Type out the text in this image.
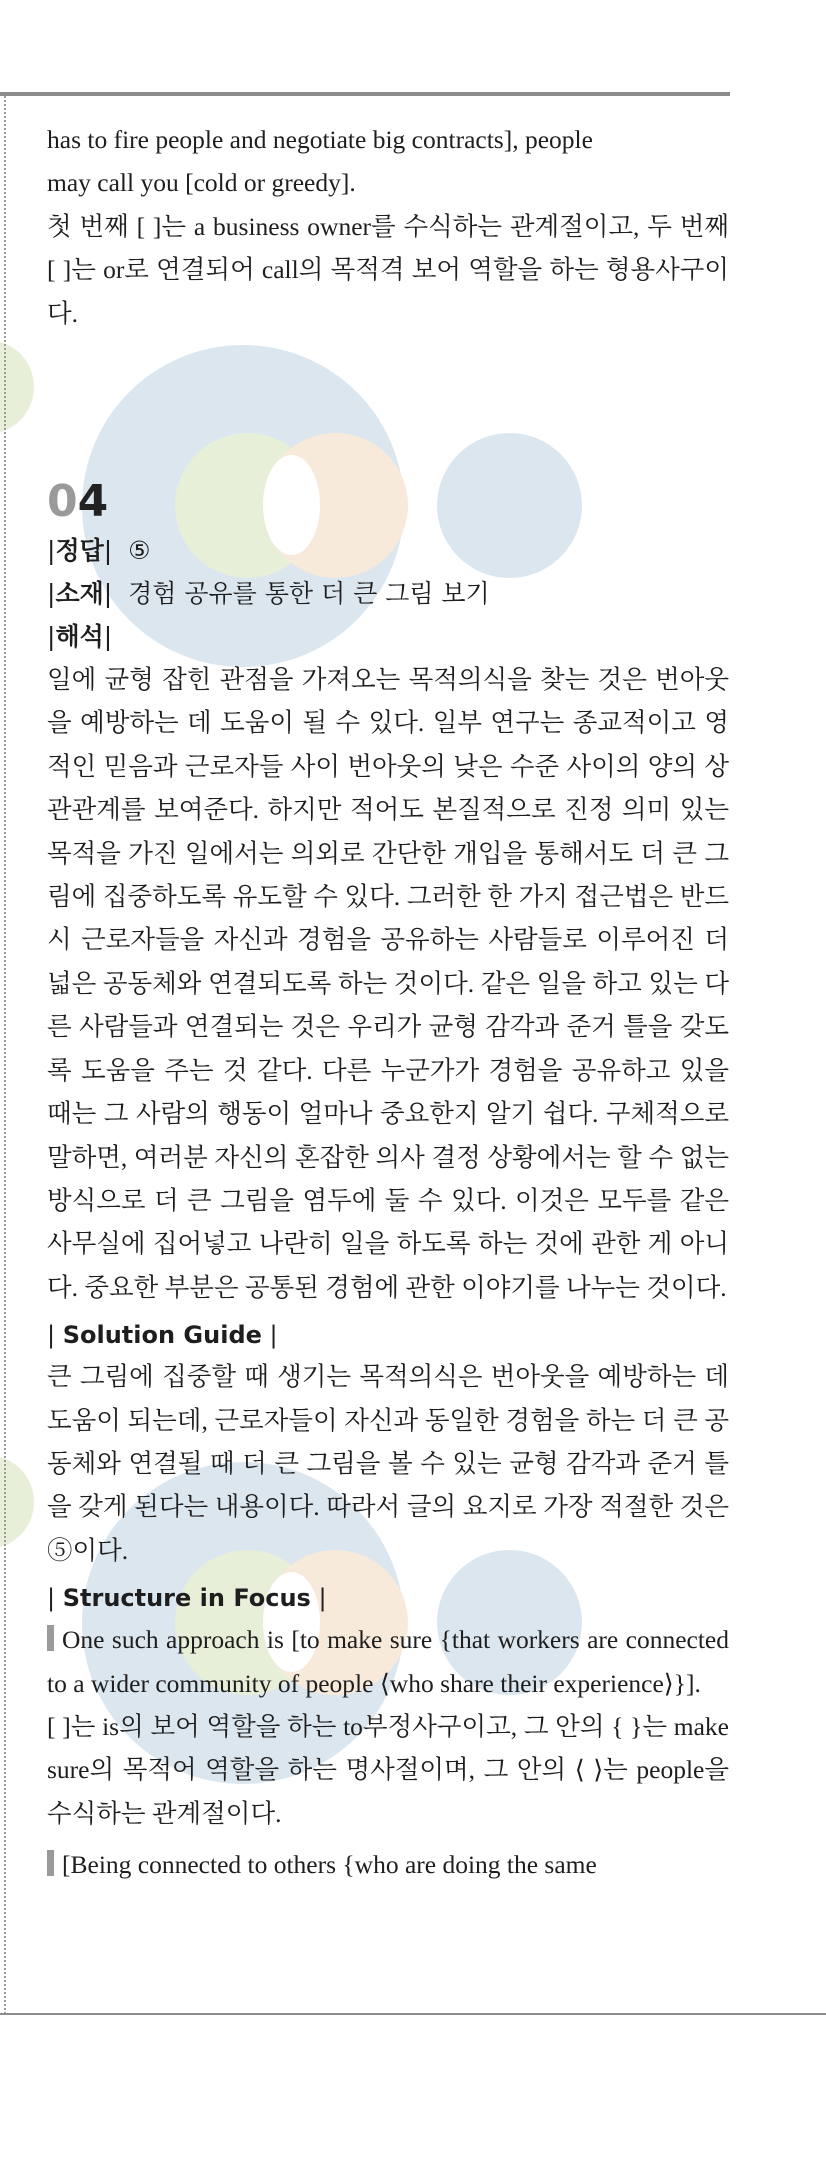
has to fire people and negotiate big contracts], people

may call you [cold or greedy].

첫 번째 [ ]는 a business owner를 수식하는 관계절이고, 두 번째 [ ]는 or로 연결되어 call의 목적격 보어 역할을 하는 형용사구이다.

04
|정답|  ⑤
|소재|  경험 공유를 통한 더 큰 그림 보기
|해석|

일에 균형 잡힌 관점을 가져오는 목적의식을 찾는 것은 번아웃을 예방하는 데 도움이 될 수 있다. 일부 연구는 종교적이고 영적인 믿음과 근로자들 사이 번아웃의 낮은 수준 사이의 양의 상관관계를 보여준다. 하지만 적어도 본질적으로 진정 의미 있는 목적을 가진 일에서는 의외로 간단한 개입을 통해서도 더 큰 그림에 집중하도록 유도할 수 있다. 그러한 한 가지 접근법은 반드시 근로자들을 자신과 경험을 공유하는 사람들로 이루어진 더 넓은 공동체와 연결되도록 하는 것이다. 같은 일을 하고 있는 다른 사람들과 연결되는 것은 우리가 균형 감각과 준거 틀을 갖도록 도움을 주는 것 같다. 다른 누군가가 경험을 공유하고 있을 때는 그 사람의 행동이 얼마나 중요한지 알기 쉽다. 구체적으로 말하면, 여러분 자신의 혼잡한 의사 결정 상황에서는 할 수 없는 방식으로 더 큰 그림을 염두에 둘 수 있다. 이것은 모두를 같은 사무실에 집어넣고 나란히 일을 하도록 하는 것에 관한 게 아니다. 중요한 부분은 공통된 경험에 관한 이야기를 나누는 것이다.

| Solution Guide |

큰 그림에 집중할 때 생기는 목적의식은 번아웃을 예방하는 데 도움이 되는데, 근로자들이 자신과 동일한 경험을 하는 더 큰 공동체와 연결될 때 더 큰 그림을 볼 수 있는 균형 감각과 준거 틀을 갖게 된다는 내용이다. 따라서 글의 요지로 가장 적절한 것은 ⑤이다.

| Structure in Focus |

One such approach is [to make sure {that workers are connected to a wider community of people ⟨who share their experience⟩}].

[ ]는 is의 보어 역할을 하는 to부정사구이고, 그 안의 { }는 make sure의 목적어 역할을 하는 명사절이며, 그 안의 ⟨ ⟩는 people을 수식하는 관계절이다.

[Being connected to others {who are doing the same
